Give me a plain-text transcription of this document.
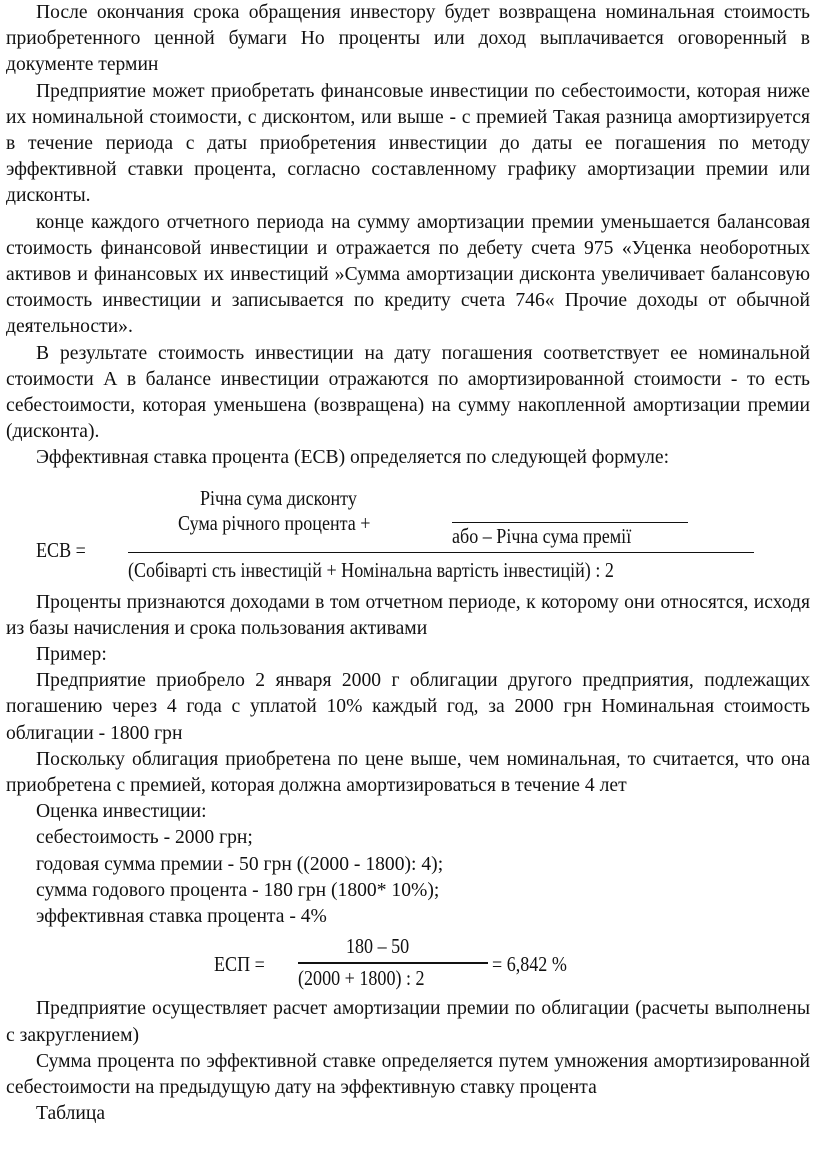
После окончания срока обращения инвестору будет возвращена номинальная стоимость приобретенного ценной бумаги Но проценты или доход выплачивается оговоренный в документе термин

Предприятие может приобретать финансовые инвестиции по себестоимости, которая ниже их номинальной стоимости, с дисконтом, или выше - с премией Такая разница амортизируется в течение периода с даты приобретения инвестиции до даты ее погашения по методу эффективной ставки процента, согласно составленному графику амортизации премии или дисконты.

конце каждого отчетного периода на сумму амортизации премии уменьшается балансовая стоимость финансовой инвестиции и отражается по дебету счета 975 «Уценка необоротных активов и финансовых их инвестиций »Сумма амортизации дисконта увеличивает балансовую стоимость инвестиции и записывается по кредиту счета 746« Прочие доходы от обычной деятельности».

В результате стоимость инвестиции на дату погашения соответствует ее номинальной стоимости А в балансе инвестиции отражаются по амортизированной стоимости - то есть себестоимости, которая уменьшена (возвращена) на сумму накопленной амортизации премии (дисконта).

Эффективная ставка процента (ЕСВ) определяется по следующей формуле:

Річна сума дисконту
Сума річного процента +
або – Річна сума премії
ЕСВ =
(Собіварті сть інвестицій + Номінальна вартість інвестицій) : 2

Проценты признаются доходами в том отчетном периоде, к которому они относятся, исходя из базы начисления и срока пользования активами

Пример:

Предприятие приобрело 2 января 2000 г облигации другого предприятия, подлежащих погашению через 4 года с уплатой 10% каждый год, за 2000 грн Номинальная стоимость облигации - 1800 грн

Поскольку облигация приобретена по цене выше, чем номинальная, то считается, что она приобретена с премией, которая должна амортизироваться в течение 4 лет

Оценка инвестиции:

себестоимость - 2000 грн;

годовая сумма премии - 50 грн ((2000 - 1800): 4);

сумма годового процента - 180 грн (1800* 10%);

эффективная ставка процента - 4%

ЕСП =
180 – 50
(2000 + 1800) : 2
= 6,842 %

Предприятие осуществляет расчет амортизации премии по облигации (расчеты выполнены с закруглением)

Сумма процента по эффективной ставке определяется путем умножения амортизированной себестоимости на предыдущую дату на эффективную ставку процента

Таблица
